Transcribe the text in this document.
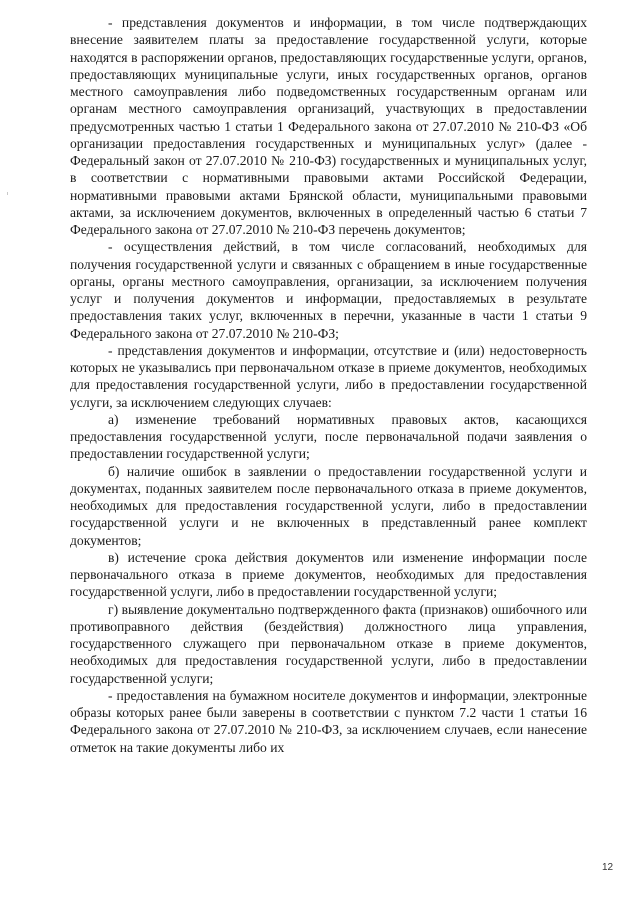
- представления документов и информации, в том числе подтверждающих внесение заявителем платы за предоставление государственной услуги, которые находятся в распоряжении органов, предоставляющих государственные услуги, органов, предоставляющих муниципальные услуги, иных государственных органов, органов местного самоуправления либо подведомственных государственным органам или органам местного самоуправления организаций, участвующих в предоставлении предусмотренных частью 1 статьи 1 Федерального закона от 27.07.2010 № 210-ФЗ «Об организации предоставления государственных и муниципальных услуг» (далее - Федеральный закон от 27.07.2010 № 210-ФЗ) государственных и муниципальных услуг, в соответствии с нормативными правовыми актами Российской Федерации, нормативными правовыми актами Брянской области, муниципальными правовыми актами, за исключением документов, включенных в определенный частью 6 статьи 7 Федерального закона от 27.07.2010 № 210-ФЗ перечень документов;

- осуществления действий, в том числе согласований, необходимых для получения государственной услуги и связанных с обращением в иные государственные органы, органы местного самоуправления, организации, за исключением получения услуг и получения документов и информации, предоставляемых в результате предоставления таких услуг, включенных в перечни, указанные в части 1 статьи 9 Федерального закона от 27.07.2010 № 210-ФЗ;

- представления документов и информации, отсутствие и (или) недостоверность которых не указывались при первоначальном отказе в приеме документов, необходимых для предоставления государственной услуги, либо в предоставлении государственной услуги, за исключением следующих случаев:

а) изменение требований нормативных правовых актов, касающихся предоставления государственной услуги, после первоначальной подачи заявления о предоставлении государственной услуги;

б) наличие ошибок в заявлении о предоставлении государственной услуги и документах, поданных заявителем после первоначального отказа в приеме документов, необходимых для предоставления государственной услуги, либо в предоставлении государственной услуги и не включенных в представленный ранее комплект документов;

в) истечение срока действия документов или изменение информации после первоначального отказа в приеме документов, необходимых для предоставления государственной услуги, либо в предоставлении государственной услуги;

г) выявление документально подтвержденного факта (признаков) ошибочного или противоправного действия (бездействия) должностного лица управления, государственного служащего при первоначальном отказе в приеме документов, необходимых для предоставления государственной услуги, либо в предоставлении государственной услуги;

- предоставления на бумажном носителе документов и информации, электронные образы которых ранее были заверены в соответствии с пунктом 7.2 части 1 статьи 16 Федерального закона от 27.07.2010 № 210-ФЗ, за исключением случаев, если нанесение отметок на такие документы либо их

12
